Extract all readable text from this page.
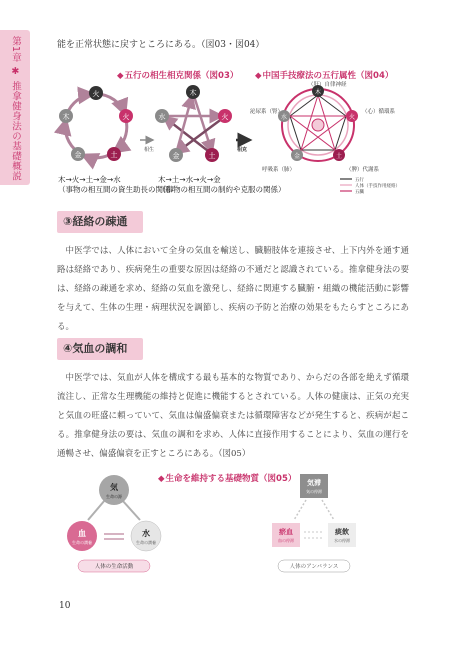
第1章 ✱ 推拿健身法の基礎概説
能を正常状態に戻すところにある。（図03・図04）
◆五行の相生相克関係（図03）
火
火
土
金
木
相生
木
火
土
金
水
相克
木→火→土→金→水
（事物の相互間の資生助長の関係）
木→土→水→火→金
（事物の相互間の制約や克服の関係）
◆中国手技療法の五行属性（図04）
木
火
土
金
水
（肝）自律神経
泌尿系（腎）	（心）循環系
呼吸系（肺）	（脾）代謝系
五行
人体（手技作用経絡）
五臓
③経絡の疎通

中医学では、人体において全身の気血を輸送し、臓腑肢体を連接させ、上下内外を通す通路は経絡であり、疾病発生の重要な原因は経絡の不通だと認識されている。推拿健身法の要は、経絡の疎通を求め、経絡の気血を激発し、経絡に関連する臓腑・組織の機能活動に影響を与えて、生体の生理・病理状況を調節し、疾病の予防と治療の効果をもたらすところにある。

④気血の調和

中医学では、気血が人体を構成する最も基本的な物質であり、からだの各部を絶えず循環流注し、正常な生理機能の維持と促進に機能するとされている。人体の健康は、正気の充実と気血の旺盛に頼っていて、気血は偏盛偏衰または循環障害などが発生すると、疾病が起こる。推拿健身法の要は、気血の調和を求め、人体に直接作用することにより、気血の運行を通暢させ、偏盛偏衰を正すところにある。（図05）

◆生命を維持する基礎物質（図05）
気
生命の源
血
生命の潤養
水
生命の潤養
人体の生命活動
気滞
気の停滞
瘀血
血の停滞
痰飲
水の停滞
人体のアンバランス
10
